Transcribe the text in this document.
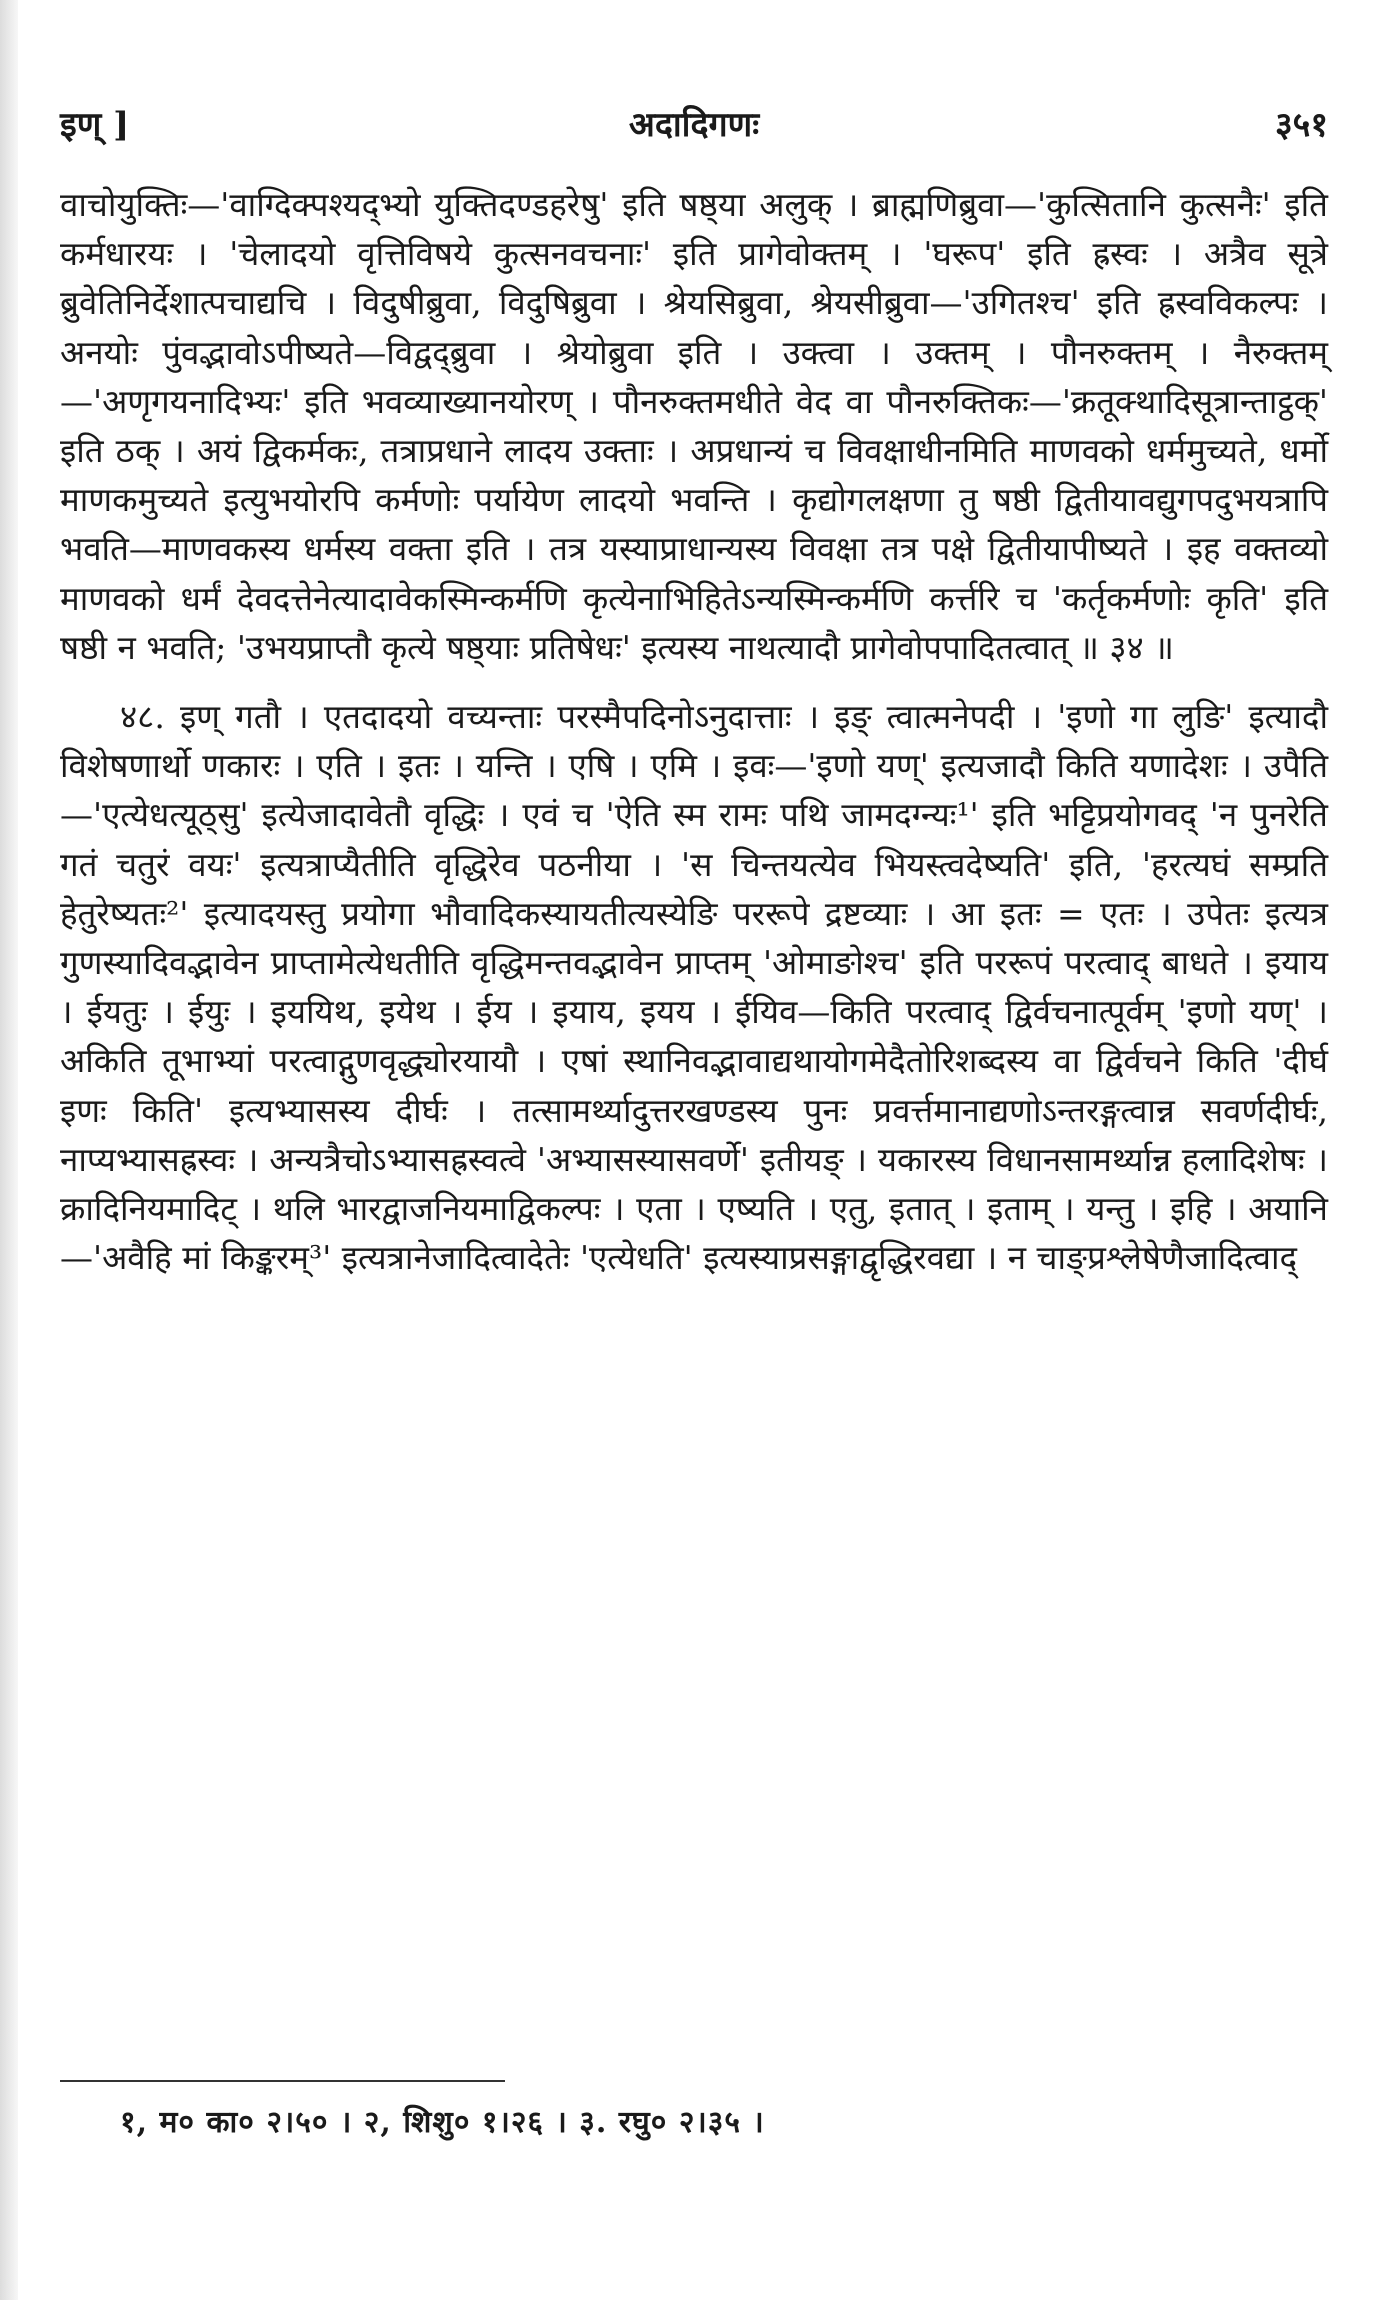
इण् ]	अदादिगणः	३५१

वाचोयुक्तिः—'वाग्दिक्पश्यद्भ्यो युक्तिदण्डहरेषु' इति षष्ठ्या अलुक् । ब्राह्मणिब्रुवा—'कुत्सितानि कुत्सनैः' इति कर्मधारयः । 'चेलादयो वृत्तिविषये कुत्सनवचनाः' इति प्रागेवोक्तम् । 'घरूप' इति ह्रस्वः । अत्रैव सूत्रे ब्रुवेतिनिर्देशात्पचाद्यचि । विदुषीब्रुवा, विदुषिब्रुवा । श्रेयसिब्रुवा, श्रेयसीब्रुवा—'उगितश्च' इति ह्रस्वविकल्पः । अनयोः पुंवद्भावोऽपीष्यते—विद्वद्ब्रुवा । श्रेयोब्रुवा इति । उक्त्वा । उक्तम् । पौनरुक्तम् । नैरुक्तम्—'अणृगयनादिभ्यः' इति भवव्याख्यानयोरण् । पौनरुक्तमधीते वेद वा पौनरुक्तिकः—'क्रतूक्थादिसूत्रान्ताट्ठक्' इति ठक् । अयं द्विकर्मकः, तत्राप्रधाने लादय उक्ताः । अप्रधान्यं च विवक्षाधीनमिति माणवको धर्ममुच्यते, धर्मो माणकमुच्यते इत्युभयोरपि कर्मणोः पर्यायेण लादयो भवन्ति । कृद्योगलक्षणा तु षष्ठी द्वितीयावद्युगपदुभयत्रापि भवति—माणवकस्य धर्मस्य वक्ता इति । तत्र यस्याप्राधान्यस्य विवक्षा तत्र पक्षे द्वितीयापीष्यते । इह वक्तव्यो माणवको धर्मं देवदत्तेनेत्यादावेकस्मिन्कर्मणि कृत्येनाभिहितेऽन्यस्मिन्कर्मणि कर्त्तरि च 'कर्तृकर्मणोः कृति' इति षष्ठी न भवति; 'उभयप्राप्तौ कृत्ये षष्ठ्याः प्रतिषेधः' इत्यस्य नाथत्यादौ प्रागेवोपपादितत्वात् ॥ ३४ ॥

४८. इण् गतौ । एतदादयो वच्यन्ताः परस्मैपदिनोऽनुदात्ताः । इङ् त्वात्मनेपदी । 'इणो गा लुङि' इत्यादौ विशेषणार्थो णकारः । एति । इतः । यन्ति । एषि । एमि । इवः—'इणो यण्' इत्यजादौ किति यणादेशः । उपैति—'एत्येधत्यूठ्सु' इत्येजादावेतौ वृद्धिः । एवं च 'ऐति स्म रामः पथि जामदग्न्यः¹' इति भट्टिप्रयोगवद् 'न पुनरेति गतं चतुरं वयः' इत्यत्राप्यैतीति वृद्धिरेव पठनीया । 'स चिन्तयत्येव भियस्त्वदेष्यति' इति, 'हरत्यघं सम्प्रति हेतुरेष्यतः²' इत्यादयस्तु प्रयोगा भौवादिकस्यायतीत्यस्येङि पररूपे द्रष्टव्याः । आ इतः = एतः । उपेतः इत्यत्र गुणस्यादिवद्भावेन प्राप्तामेत्येधतीति वृद्धिमन्तवद्भावेन प्राप्तम् 'ओमाङोश्च' इति पररूपं परत्वाद् बाधते । इयाय । ईयतुः । ईयुः । इययिथ, इयेथ । ईय । इयाय, इयय । ईयिव—किति परत्वाद् द्विर्वचनात्पूर्वम् 'इणो यण्' । अकिति तूभाभ्यां परत्वाद्गुणवृद्ध्योरयायौ । एषां स्थानिवद्भावाद्यथायोगमेदैतोरिशब्दस्य वा द्विर्वचने किति 'दीर्घ इणः किति' इत्यभ्यासस्य दीर्घः । तत्सामर्थ्यादुत्तरखण्डस्य पुनः प्रवर्त्तमानाद्यणोऽन्तरङ्गत्वान्न सवर्णदीर्घः, नाप्यभ्यासह्रस्वः । अन्यत्रैचोऽभ्यासह्रस्वत्वे 'अभ्यासस्यासवर्णे' इतीयङ् । यकारस्य विधानसामर्थ्यान्न हलादिशेषः । क्रादिनियमादिट् । थलि भारद्वाजनियमाद्विकल्पः । एता । एष्यति । एतु, इतात् । इताम् । यन्तु । इहि । अयानि—'अवैहि मां किङ्करम्³' इत्यत्रानेजादित्वादेतेः 'एत्येधति' इत्यस्याप्रसङ्गाद्वृद्धिरवद्या । न चाङ्प्रश्लेषेणैजादित्वाद्

१, म० का० २।५० । २, शिशु० १।२६ । ३. रघु० २।३५ ।
